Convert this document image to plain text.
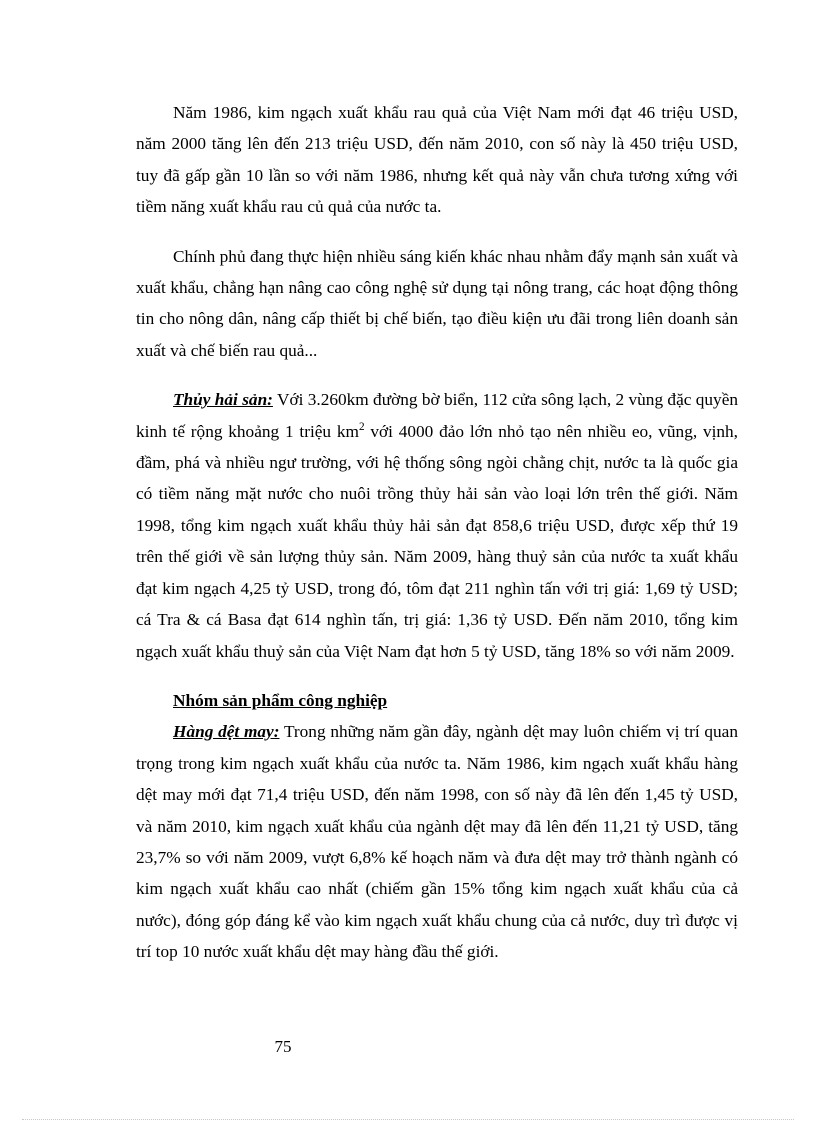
Năm 1986, kim ngạch xuất khẩu rau quả của Việt Nam mới đạt 46 triệu USD, năm 2000 tăng lên đến 213 triệu USD, đến năm 2010, con số này là 450 triệu USD, tuy đã gấp gần 10 lần so với năm 1986, nhưng kết quả này vẫn chưa tương xứng với tiềm năng xuất khẩu rau củ quả của nước ta.

Chính phủ đang thực hiện nhiều sáng kiến khác nhau nhằm đẩy mạnh sản xuất và xuất khẩu, chẳng hạn nâng cao công nghệ sử dụng tại nông trang, các hoạt động thông tin cho nông dân, nâng cấp thiết bị chế biến, tạo điều kiện ưu đãi trong liên doanh sản xuất và chế biến rau quả...

Thủy hải sản: Với 3.260km đường bờ biển, 112 cửa sông lạch, 2 vùng đặc quyền kinh tế rộng khoảng 1 triệu $km^2$ với 4000 đảo lớn nhỏ tạo nên nhiều eo, vũng, vịnh, đầm, phá và nhiều ngư trường, với hệ thống sông ngòi chằng chịt, nước ta là quốc gia có tiềm năng mặt nước cho nuôi trồng thủy hải sản vào loại lớn trên thế giới. Năm 1998, tổng kim ngạch xuất khẩu thủy hải sản đạt 858,6 triệu USD, được xếp thứ 19 trên thế giới về sản lượng thủy sản. Năm 2009, hàng thuỷ sản của nước ta xuất khẩu đạt kim ngạch 4,25 tỷ USD, trong đó, tôm đạt 211 nghìn tấn với trị giá: 1,69 tỷ USD; cá Tra & cá Basa đạt 614 nghìn tấn, trị giá: 1,36 tỷ USD. Đến năm 2010, tổng kim ngạch xuất khẩu thuỷ sản của Việt Nam đạt hơn 5 tỷ USD, tăng 18% so với năm 2009.

Nhóm sản phẩm công nghiệp

Hàng dệt may: Trong những năm gần đây, ngành dệt may luôn chiếm vị trí quan trọng trong kim ngạch xuất khẩu của nước ta. Năm 1986, kim ngạch xuất khẩu hàng dệt may mới đạt 71,4 triệu USD, đến năm 1998, con số này đã lên đến 1,45 tỷ USD, và năm 2010, kim ngạch xuất khẩu của ngành dệt may đã lên đến 11,21 tỷ USD, tăng 23,7% so với năm 2009, vượt 6,8% kế hoạch năm và đưa dệt may trở thành ngành có kim ngạch xuất khẩu cao nhất (chiếm gần 15% tổng kim ngạch xuất khẩu của cả nước), đóng góp đáng kể vào kim ngạch xuất khẩu chung của cả nước, duy trì được vị trí top 10 nước xuất khẩu dệt may hàng đầu thế giới.

75
